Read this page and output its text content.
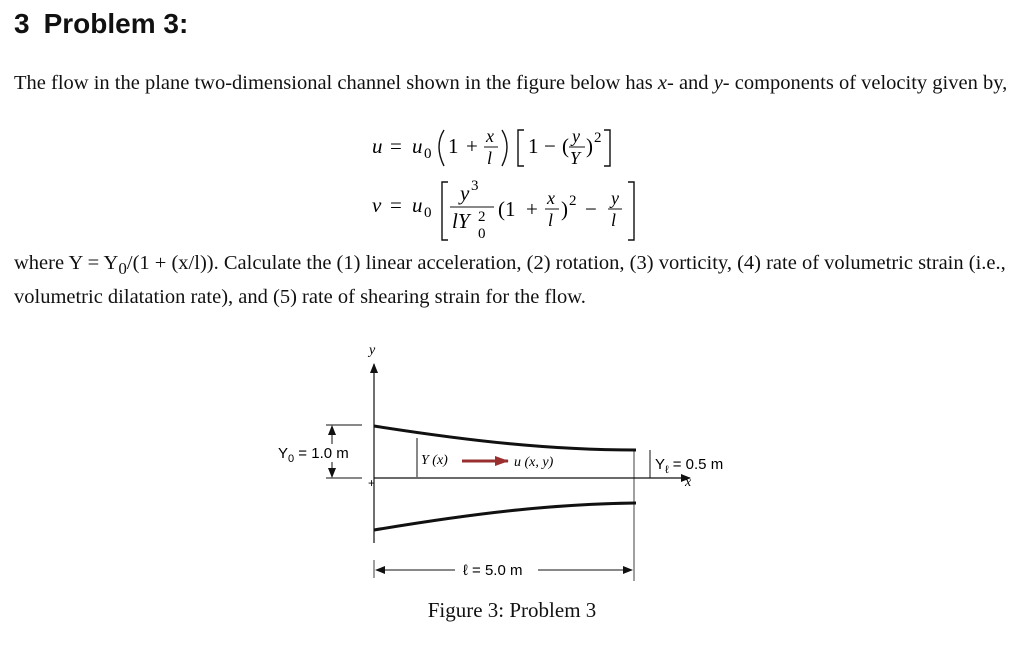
3 Problem 3:
The flow in the plane two-dimensional channel shown in the figure below has x- and y- components of velocity given by,
u = u 0 1 + x
l 1 − ( y
Y ) 2
v = u 0
y 3
lY 2
0
(1 + x
l ) 2 − y
l
where $Y = Y_0/(1 + (x/l))$. Calculate the (1) linear acceleration, (2) rotation, (3) vorticity, (4) rate of volumetric strain (i.e., volumetric dilatation rate), and (5) rate of shearing strain for the flow.
y
x
+
$Y_0 = 1.0$ m	Y (x)	u (x, y)	$Y_\ell = 0.5$ m
ℓ = 5.0 m
Figure 3: Problem 3
